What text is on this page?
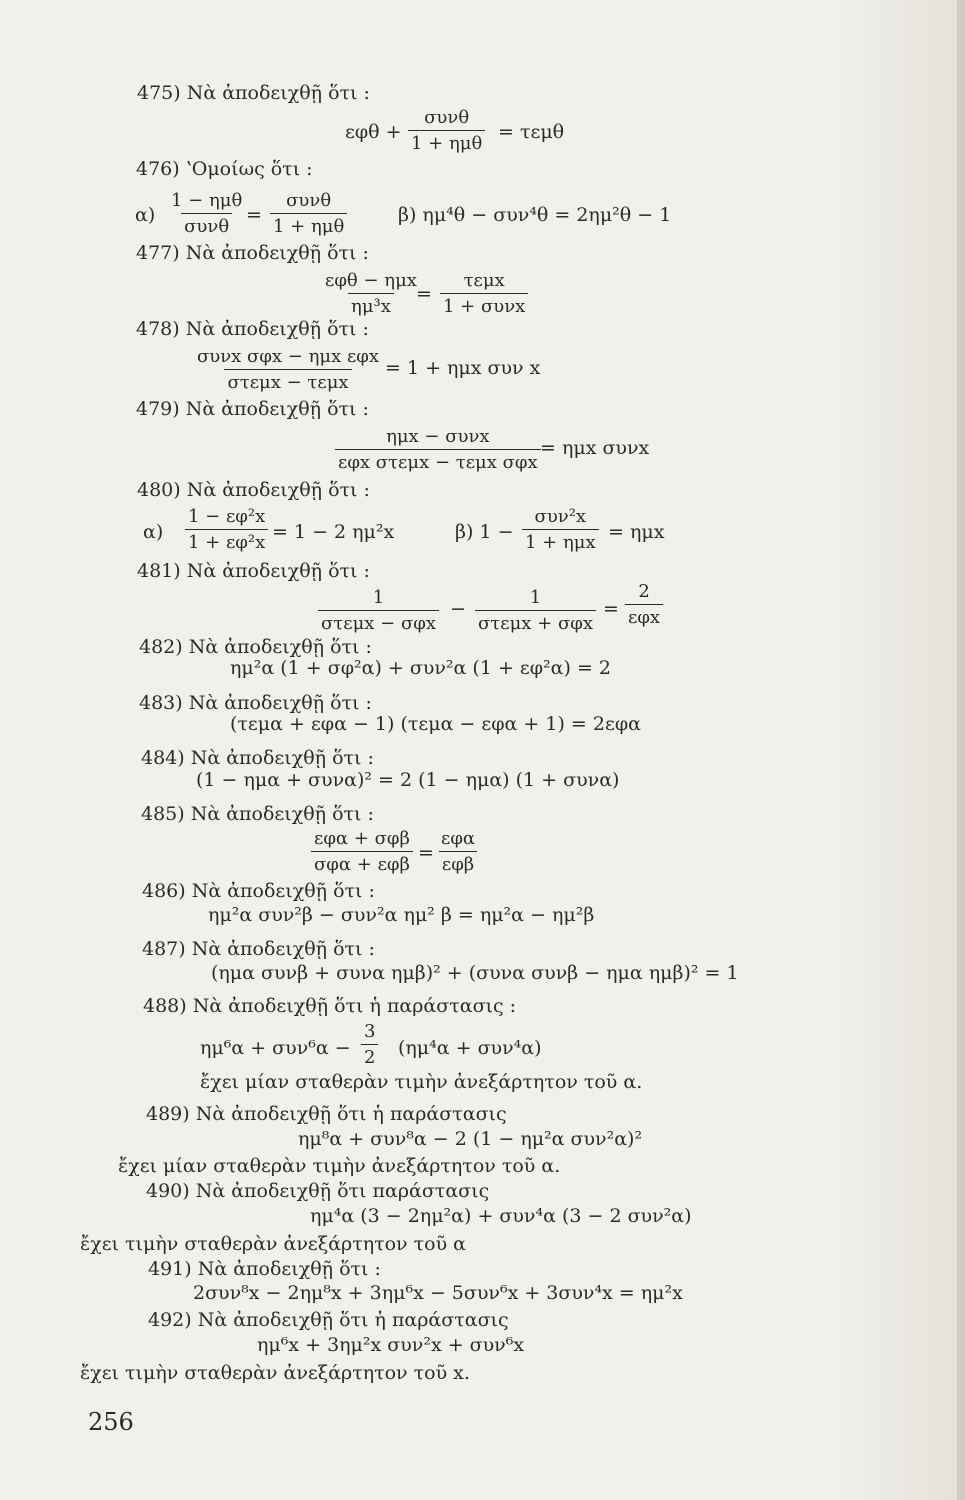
475) Νὰ ἀποδειχθῇ ὅτι :
εφθ +
συνθ
1 + ημθ
= τεμθ
476) ʽΟμοίως ὅτι :
α)
1 − ημθ
συνθ
=
συνθ
1 + ημθ
β) ημ⁴θ − συν⁴θ = 2ημ²θ − 1
477) Νὰ ἀποδειχθῇ ὅτι :
εφθ − ημx
ημ³x
=
τεμx
1 + συνx
478) Νὰ ἀποδειχθῇ ὅτι :
συνx σφx − ημx εφx
στεμx − τεμx
= 1 + ημx συν x
479) Νὰ ἀποδειχθῇ ὅτι :
ημx − συνx
εφx στεμx − τεμx σφx
= ημx συνx
480) Νὰ ἀποδειχθῇ ὅτι :
$\alpha) \frac{\text{1 − εφ²x}}{\text{1 + εφ²x}} = 1 - 2$ ημ²x	β) 1 −
συν²x
1 + ημx = ημx
481) Νὰ ἀποδειχθῇ ὅτι :
1
στεμx − σφx
−
1
στεμx + σφx
=
2
εφx
482) Νὰ ἀποδειχθῇ ὅτι :
ημ²α (1 + σφ²α) + συν²α (1 + εφ²α) = 2
483) Νὰ ἀποδειχθῇ ὅτι :
(τεμα + εφα − 1) (τεμα − εφα + 1) = 2εφα
484) Νὰ ἀποδειχθῇ ὅτι :
(1 − ημα + συνα)² = 2 (1 − ημα) (1 + συνα)
485) Νὰ ἀποδειχθῇ ὅτι :
εφα + σφβ
σφα + εφβ
=
εφα
εφβ
486) Νὰ ἀποδειχθῇ ὅτι :
ημ²α συν²β − συν²α ημ² β = ημ²α − ημ²β
487) Νὰ ἀποδειχθῇ ὅτι :
(ημα συνβ + συνα ημβ)² + (συνα συνβ − ημα ημβ)² = 1
488) Νὰ ἀποδειχθῇ ὅτι ἡ παράστασις :
$\eta\mu^6\alpha + \sigma\upsilon\nu^6\alpha - \frac{3}{2} (\eta\mu^4\alpha + \sigma\upsilon\nu^4\alpha)$
ἔχει μίαν σταθερὰν τιμὴν ἀνεξάρτητον τοῦ α.
489) Νὰ ἀποδειχθῇ ὅτι ἡ παράστασις
ημ⁸α + συν⁸α − 2 (1 − ημ²α συν²α)²
ἔχει μίαν σταθερὰν τιμὴν ἀνεξάρτητον τοῦ α.
490) Νὰ ἀποδειχθῇ ὅτι παράστασις
ημ⁴α (3 − 2ημ²α) + συν⁴α (3 − 2 συν²α)
ἔχει τιμὴν σταθερὰν ἀνεξάρτητον τοῦ α
491) Νὰ ἀποδειχθῇ ὅτι :
2συν⁸x − 2ημ⁸x + 3ημ⁶x − 5συν⁶x + 3συν⁴x = ημ²x
492) Νὰ ἀποδειχθῇ ὅτι ἡ παράστασις
ημ⁶x + 3ημ²x συν²x + συν⁶x
ἔχει τιμὴν σταθερὰν ἀνεξάρτητον τοῦ x.
256
